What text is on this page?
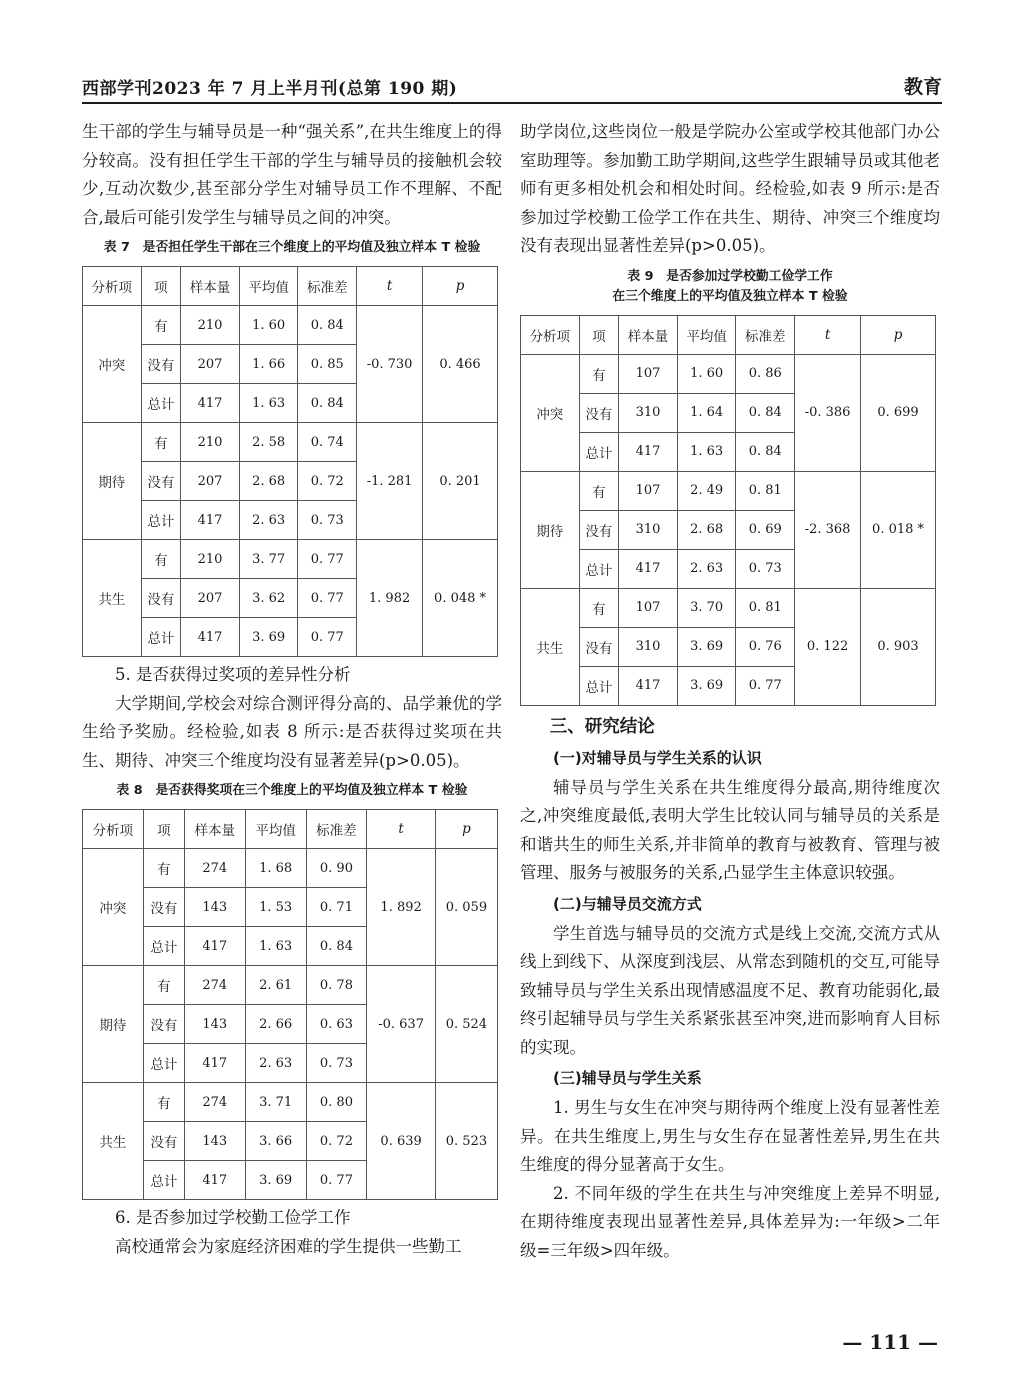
西部学刊2023 年 7 月上半月刊(总第 190 期)	教育

生干部的学生与辅导员是一种“强关系”,在共生维度上的得分较高。没有担任学生干部的学生与辅导员的接触机会较少,互动次数少,甚至部分学生对辅导员工作不理解、不配合,最后可能引发学生与辅导员之间的冲突。

表 7　是否担任学生干部在三个维度上的平均值及独立样本 T 检验
分析项	项	样本量	平均值	标准差	t	p
冲突	有	210	1. 60	0. 84	-0. 730	0. 466
	没有	207	1. 66	0. 85		
	总计	417	1. 63	0. 84		
期待	有	210	2. 58	0. 74	-1. 281	0. 201
	没有	207	2. 68	0. 72		
	总计	417	2. 63	0. 73		
共生	有	210	3. 77	0. 77	1. 982	0. 048 *
	没有	207	3. 62	0. 77		
	总计	417	3. 69	0. 77		

5. 是否获得过奖项的差异性分析

大学期间,学校会对综合测评得分高的、品学兼优的学生给予奖励。经检验,如表 8 所示:是否获得过奖项在共生、期待、冲突三个维度均没有显著差异(p>0.05)。

表 8　是否获得奖项在三个维度上的平均值及独立样本 T 检验
分析项	项	样本量	平均值	标准差	t	p
冲突	有	274	1. 68	0. 90	1. 892	0. 059
	没有	143	1. 53	0. 71		
	总计	417	1. 63	0. 84		
期待	有	274	2. 61	0. 78	-0. 637	0. 524
	没有	143	2. 66	0. 63		
	总计	417	2. 63	0. 73		
共生	有	274	3. 71	0. 80	0. 639	0. 523
	没有	143	3. 66	0. 72		
	总计	417	3. 69	0. 77		

6. 是否参加过学校勤工俭学工作

高校通常会为家庭经济困难的学生提供一些勤工

助学岗位,这些岗位一般是学院办公室或学校其他部门办公室助理等。参加勤工助学期间,这些学生跟辅导员或其他老师有更多相处机会和相处时间。经检验,如表 9 所示:是否参加过学校勤工俭学工作在共生、期待、冲突三个维度均没有表现出显著性差异(p>0.05)。

表 9　是否参加过学校勤工俭学工作
在三个维度上的平均值及独立样本 T 检验
分析项	项	样本量	平均值	标准差	t	p
冲突	有	107	1. 60	0. 86	-0. 386	0. 699
	没有	310	1. 64	0. 84		
	总计	417	1. 63	0. 84		
期待	有	107	2. 49	0. 81	-2. 368	0. 018 *
	没有	310	2. 68	0. 69		
	总计	417	2. 63	0. 73		
共生	有	107	3. 70	0. 81	0. 122	0. 903
	没有	310	3. 69	0. 76		
	总计	417	3. 69	0. 77		
三、研究结论
(一)对辅导员与学生关系的认识

辅导员与学生关系在共生维度得分最高,期待维度次之,冲突维度最低,表明大学生比较认同与辅导员的关系是和谐共生的师生关系,并非简单的教育与被教育、管理与被管理、服务与被服务的关系,凸显学生主体意识较强。

(二)与辅导员交流方式

学生首选与辅导员的交流方式是线上交流,交流方式从线上到线下、从深度到浅层、从常态到随机的交互,可能导致辅导员与学生关系出现情感温度不足、教育功能弱化,最终引起辅导员与学生关系紧张甚至冲突,进而影响育人目标的实现。

(三)辅导员与学生关系

1. 男生与女生在冲突与期待两个维度上没有显著性差异。在共生维度上,男生与女生存在显著性差异,男生在共生维度的得分显著高于女生。

2. 不同年级的学生在共生与冲突维度上差异不明显,在期待维度表现出显著性差异,具体差异为:一年级>二年级=三年级>四年级。

— 111 —
